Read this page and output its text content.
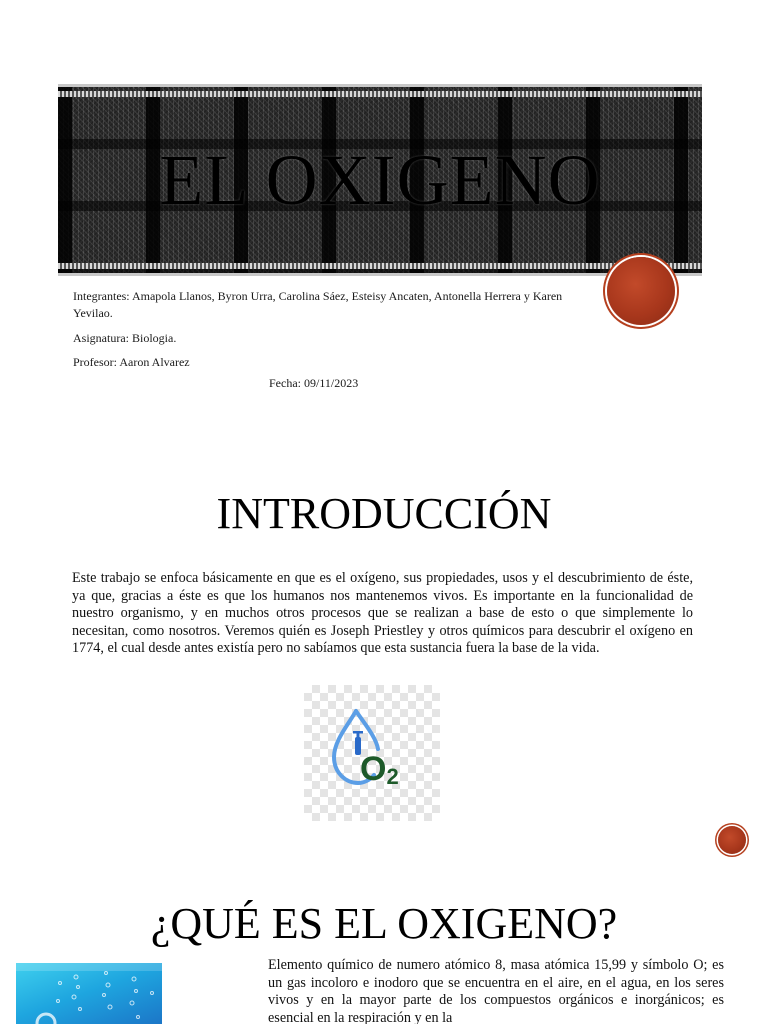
EL OXIGENO
Integrantes: Amapola Llanos, Byron Urra, Carolina Sáez, Esteisy Ancaten, Antonella Herrera y Karen Yevilao.
Asignatura: Biologia.
Profesor: Aaron Alvarez
Fecha: 09/11/2023
INTRODUCCIÓN
Este trabajo se enfoca básicamente en que es el oxígeno, sus propiedades, usos y el descubrimiento de éste, ya que, gracias a éste es que los humanos nos mantenemos vivos. Es importante en la funcionalidad de nuestro organismo, y en muchos otros procesos que se realizan a base de esto o que simplemente lo necesitan, como nosotros. Veremos quién es Joseph Priestley y otros químicos para descubrir el oxígeno en 1774, el cual desde antes existía pero no sabíamos que esta sustancia fuera la base de la vida.
$O_2$
¿QUÉ ES EL OXIGENO?
Elemento químico de numero atómico 8, masa atómica 15,99 y símbolo O; es un gas incoloro e inodoro que se encuentra en el aire, en el agua, en los seres vivos y en la mayor parte de los compuestos orgánicos e inorgánicos; es esencial en la respiración y en la
